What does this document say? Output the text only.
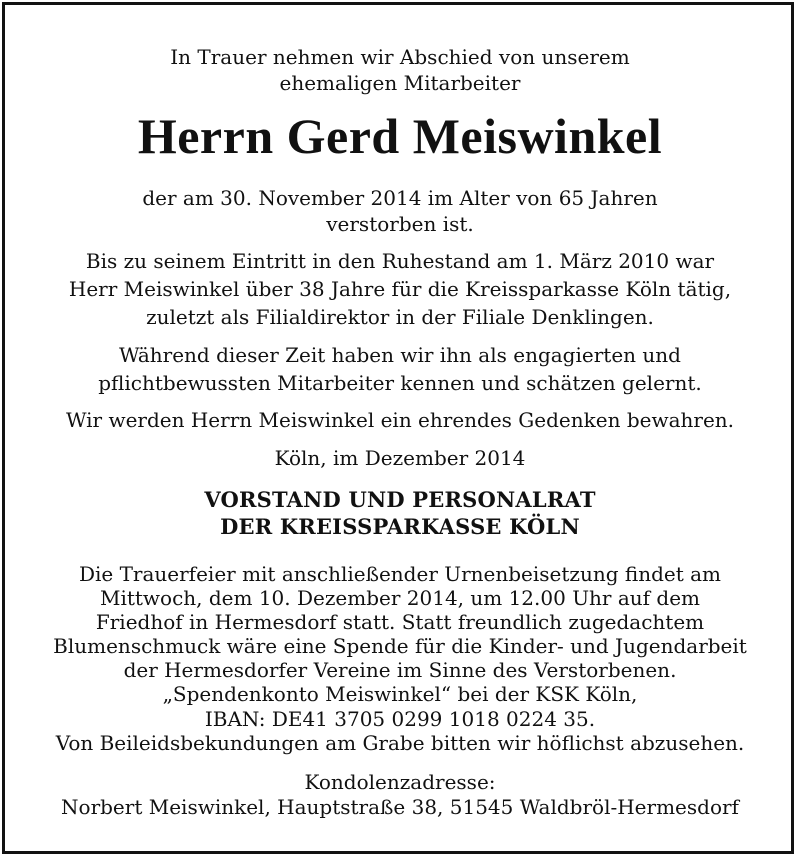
In Trauer nehmen wir Abschied von unserem
ehemaligen Mitarbeiter
Herrn Gerd Meiswinkel
der am 30. November 2014 im Alter von 65 Jahren
verstorben ist.
Bis zu seinem Eintritt in den Ruhestand am 1. März 2010 war
Herr Meiswinkel über 38 Jahre für die Kreissparkasse Köln tätig,
zuletzt als Filialdirektor in der Filiale Denklingen.
Während dieser Zeit haben wir ihn als engagierten und
pflichtbewussten Mitarbeiter kennen und schätzen gelernt.
Wir werden Herrn Meiswinkel ein ehrendes Gedenken bewahren.
Köln, im Dezember 2014
VORSTAND UND PERSONALRAT
DER KREISSPARKASSE KÖLN
Die Trauerfeier mit anschließender Urnenbeisetzung findet am
Mittwoch, dem 10. Dezember 2014, um 12.00 Uhr auf dem
Friedhof in Hermesdorf statt. Statt freundlich zugedachtem
Blumenschmuck wäre eine Spende für die Kinder- und Jugendarbeit
der Hermesdorfer Vereine im Sinne des Verstorbenen.
„Spendenkonto Meiswinkel“ bei der KSK Köln,
IBAN: DE41 3705 0299 1018 0224 35.
Von Beileidsbekundungen am Grabe bitten wir höflichst abzusehen.
Kondolenzadresse:
Norbert Meiswinkel, Hauptstraße 38, 51545 Waldbröl-Hermesdorf
